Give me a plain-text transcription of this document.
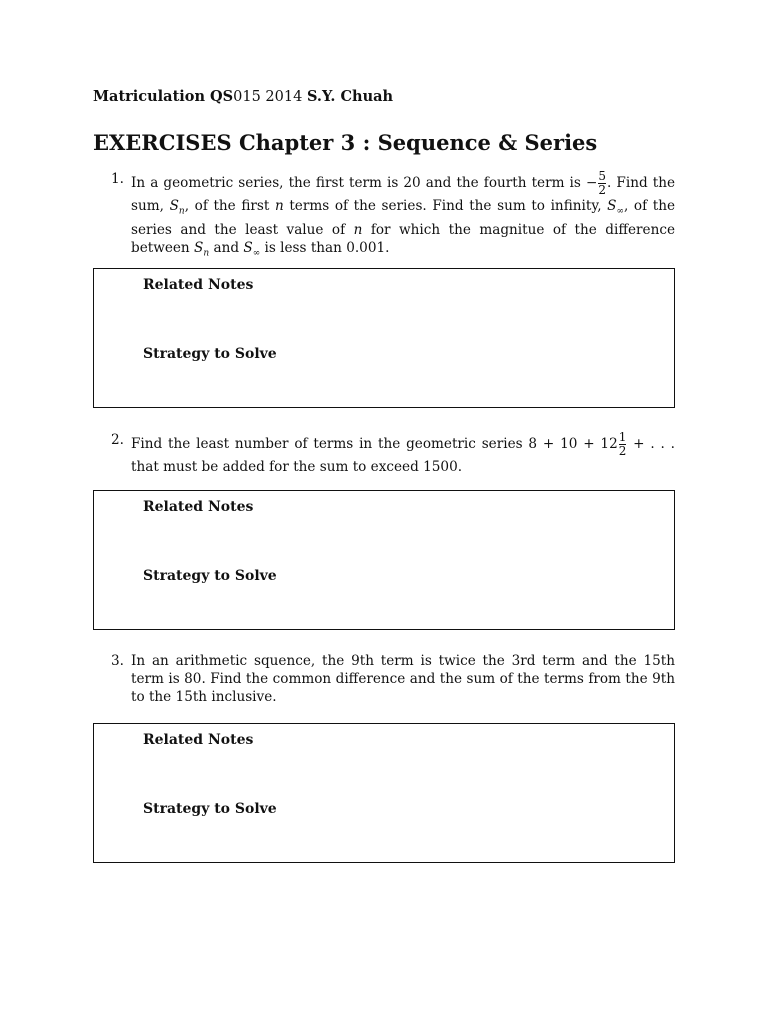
Matriculation QS015 2014 S.Y. Chuah
EXERCISES Chapter 3 : Sequence & Series
1. In a geometric series, the first term is 20 and the fourth term is − $\frac{5}{2}$ . Find the sum, $S_n$, of the first n terms of the series. Find the sum to infinity, $S_\infty$, of the series and the least value of n for which the magnitue of the difference between $S_n$ and $S_\infty$ is less than 0.001.
Related Notes
Strategy to Solve
2. Find the least number of terms in the geometric series $8 + 10 + 12 \frac{1}{2}$ + . . . that must be added for the sum to exceed 1500.
Related Notes
Strategy to Solve
3. In an arithmetic squence, the 9th term is twice the 3rd term and the 15th term is 80. Find the common difference and the sum of the terms from the 9th to the 15th inclusive.
Related Notes
Strategy to Solve
